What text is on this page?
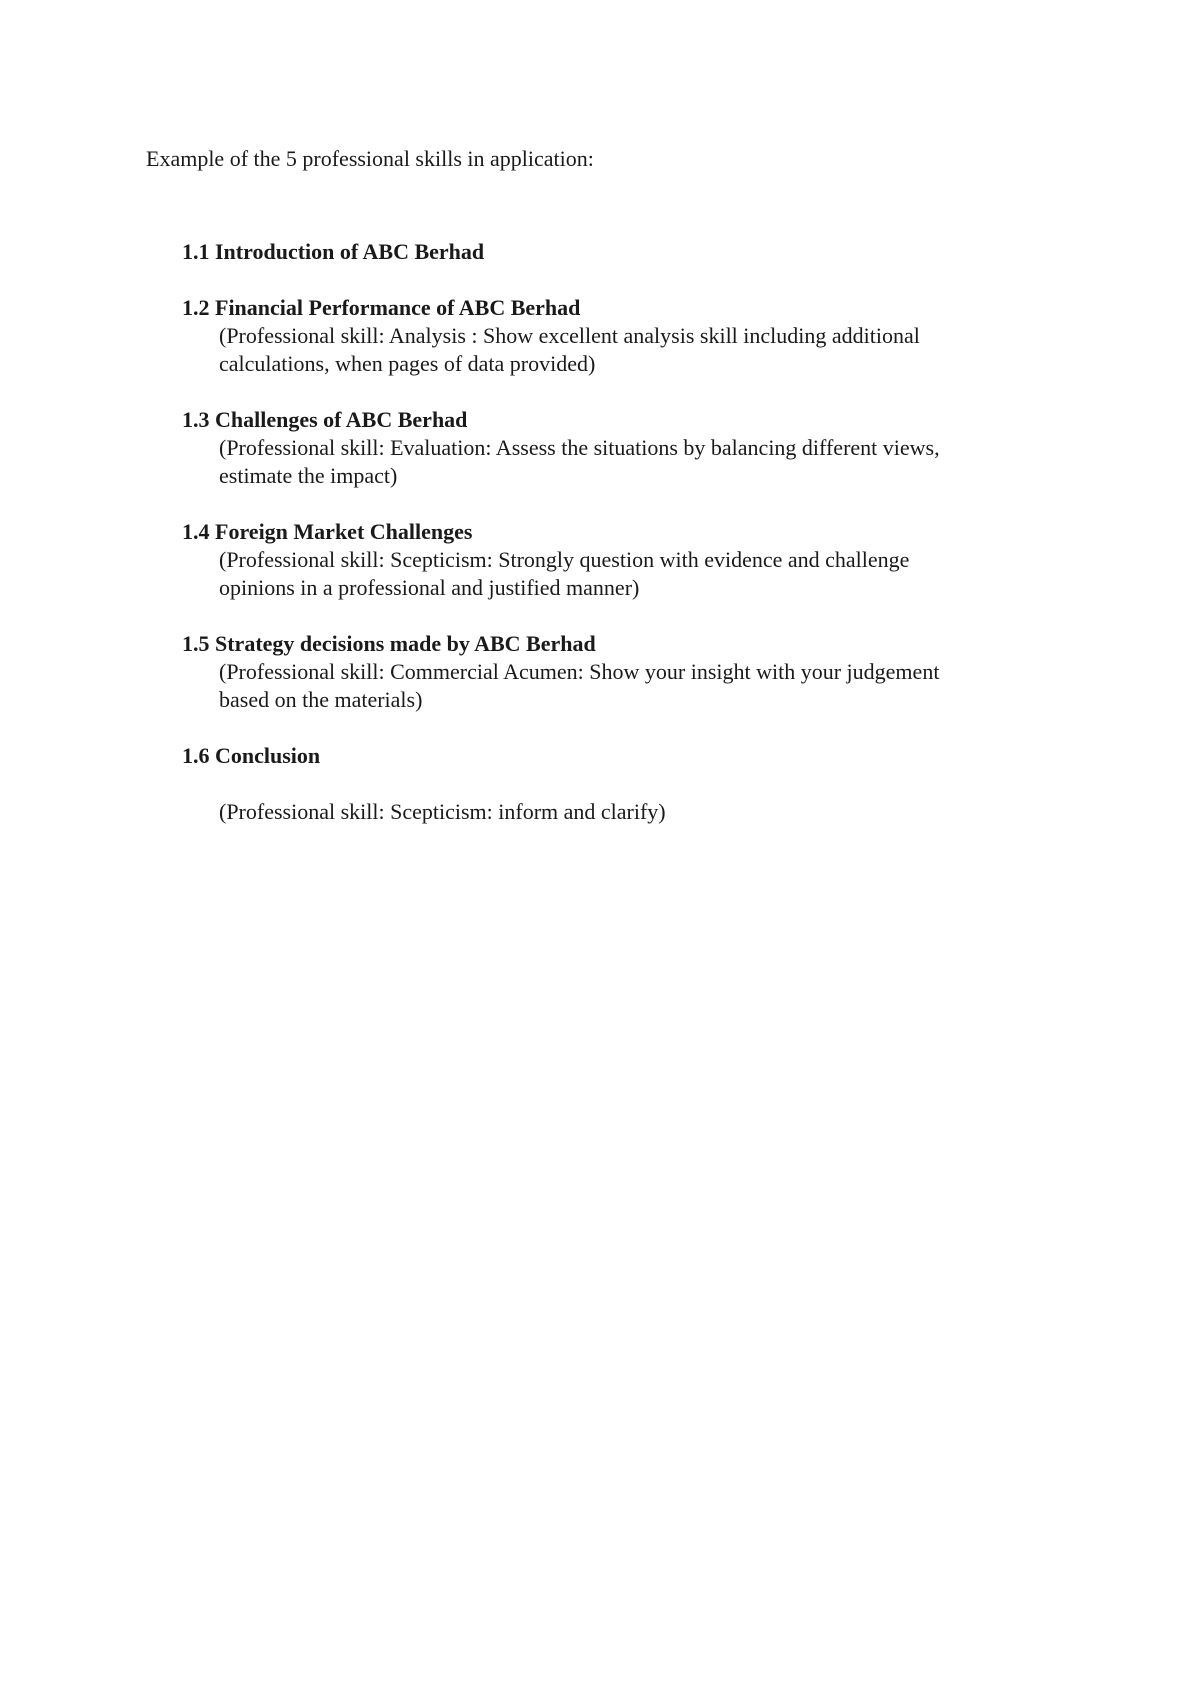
Example of the 5 professional skills in application:
1.1 Introduction of ABC Berhad
1.2 Financial Performance of ABC Berhad
(Professional skill: Analysis : Show excellent analysis skill including additional
calculations, when pages of data provided)
1.3 Challenges of ABC Berhad
(Professional skill: Evaluation: Assess the situations by balancing different views,
estimate the impact)
1.4 Foreign Market Challenges
(Professional skill: Scepticism: Strongly question with evidence and challenge
opinions in a professional and justified manner)
1.5 Strategy decisions made by ABC Berhad
(Professional skill: Commercial Acumen: Show your insight with your judgement
based on the materials)
1.6 Conclusion
(Professional skill: Scepticism: inform and clarify)
